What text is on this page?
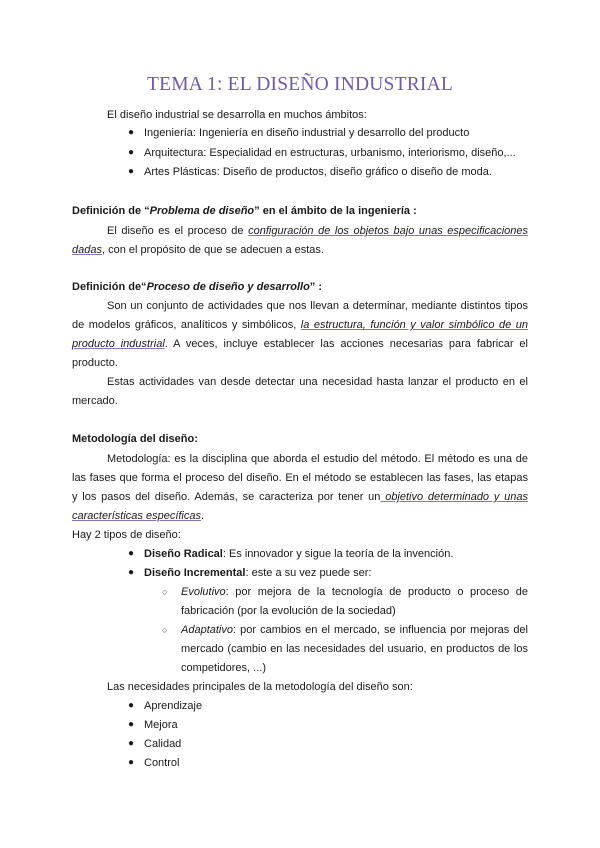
TEMA 1: EL DISEÑO INDUSTRIAL
El diseño industrial se desarrolla en muchos ámbitos:
● Ingeniería: Ingeniería en diseño industrial y desarrollo del producto
● Arquitectura: Especialidad en estructuras, urbanismo, interiorismo, diseño,...
● Artes Plásticas: Diseño de productos, diseño gráfico o diseño de moda.
Definición de “Problema de diseño” en el ámbito de la ingeniería :
El diseño es el proceso de configuración de los objetos bajo unas especificaciones
dadas, con el propósito de que se adecuen a estas.
Definición de“Proceso de diseño y desarrollo” :
Son un conjunto de actividades que nos llevan a determinar, mediante distintos tipos
de modelos gráficos, analíticos y simbólicos, la estructura, función y valor simbólico de un
producto industrial. A veces, incluye establecer las acciones necesarias para fabricar el
producto.
Estas actividades van desde detectar una necesidad hasta lanzar el producto en el
mercado.
Metodología del diseño:
Metodología: es la disciplina que aborda el estudio del método. El método es una de
las fases que forma el proceso del diseño. En el método se establecen las fases, las etapas
y los pasos del diseño. Además, se caracteriza por tener un objetivo determinado y unas
características específicas.
Hay 2 tipos de diseño:
● Diseño Radical: Es innovador y sigue la teoría de la invención.
● Diseño Incremental: este a su vez puede ser:
○ Evolutivo: por mejora de la tecnología de producto o proceso de
fabricación (por la evolución de la sociedad)
○ Adaptativo: por cambios en el mercado, se influencia por mejoras del
mercado (cambio en las necesidades del usuario, en productos de los
competidores, ...)
Las necesidades principales de la metodología del diseño son:
● Aprendizaje
● Mejora
● Calidad
● Control
